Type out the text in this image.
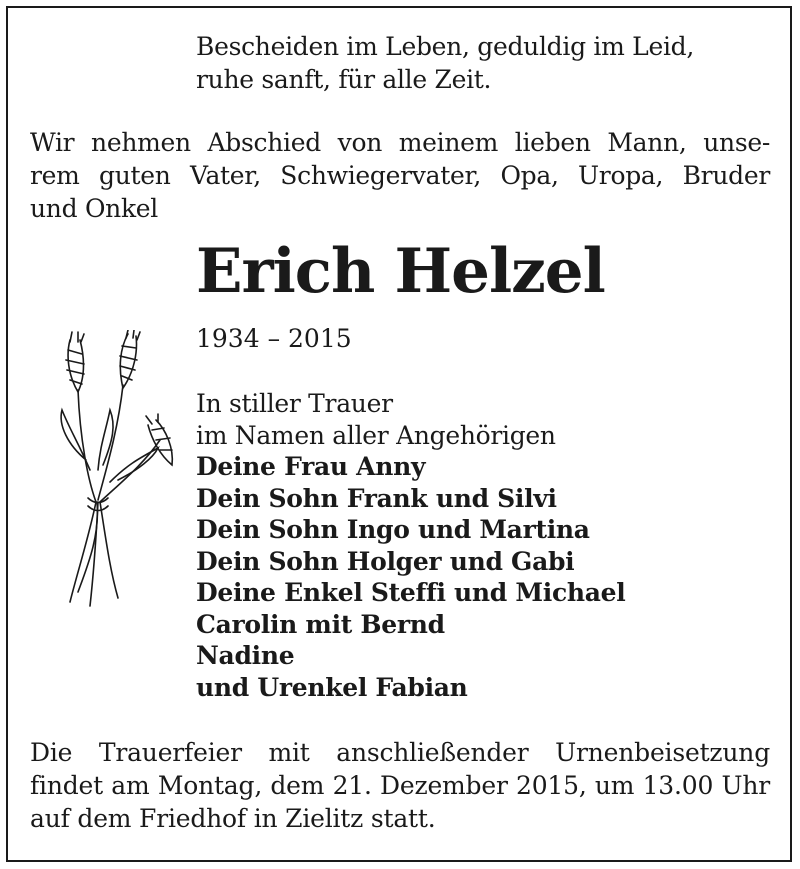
Bescheiden im Leben, geduldig im Leid,
ruhe sanft, für alle Zeit.
Wir nehmen Abschied von meinem lieben Mann, unse-
rem guten Vater, Schwiegervater, Opa, Uropa, Bruder
und Onkel
Erich Helzel
1934 – 2015
In stiller Trauer
im Namen aller Angehörigen
Deine Frau Anny
Dein Sohn Frank und Silvi
Dein Sohn Ingo und Martina
Dein Sohn Holger und Gabi
Deine Enkel Steffi und Michael
Carolin mit Bernd
Nadine
und Urenkel Fabian
Die Trauerfeier mit anschließender Urnenbeisetzung
findet am Montag, dem 21. Dezember 2015, um 13.00 Uhr
auf dem Friedhof in Zielitz statt.
